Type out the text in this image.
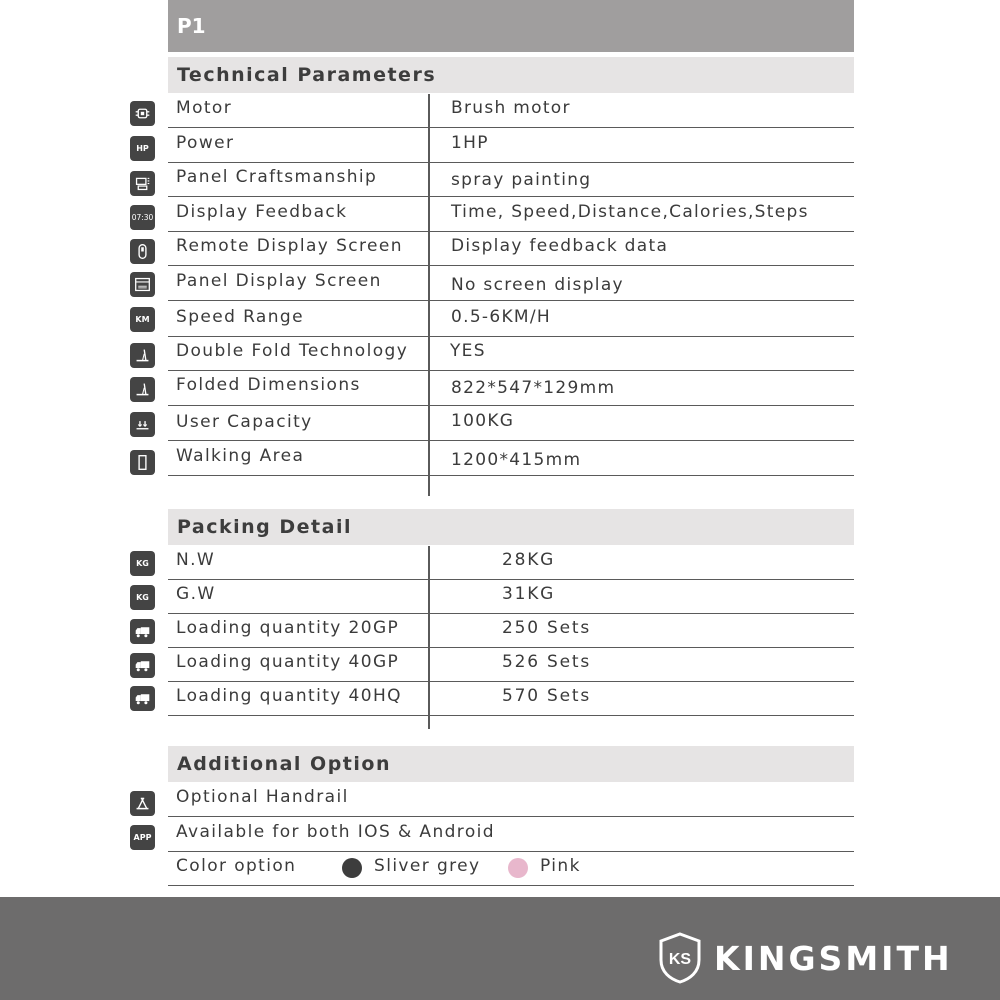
P1
Technical Parameters
Motor	Brush motor
Power	1HP
Panel Craftsmanship	spray painting
Display Feedback	Time, Speed,Distance,Calories,Steps
Remote Display Screen	Display feedback data
Panel Display Screen	No screen display
Speed Range	0.5-6KM/H
Double Fold Technology YES
Folded Dimensions	822*547*129mm
User Capacity	100KG
Walking Area	1200*415mm
HP
07:30
KM
Packing Detail
N.W	28KG
G.W	31KG
Loading quantity 20GP	250 Sets
Loading quantity 40GP	526 Sets
Loading quantity 40HQ	570 Sets
KG
KG
Additional Option
Optional Handrail
Available for both IOS & Android
Color option	Sliver grey	Pink
APP
KS KINGSMITH
